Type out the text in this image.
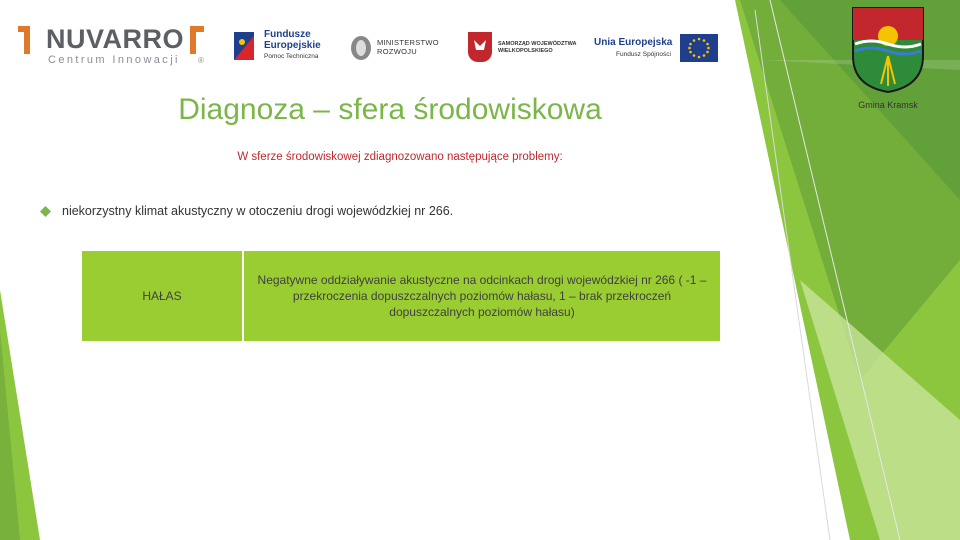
NUVARRO
Centrum Innowacji ®
Fundusze
Europejskie
Pomoc Techniczna
MINISTERSTWO
ROZWOJU
SAMORZĄD WOJEWÓDZTWA
WIELKOPOLSKIEGO
Unia Europejska
Fundusz Spójności
Gmina Kramsk
Diagnoza – sfera środowiskowa
W sferze środowiskowej zdiagnozowano następujące problemy:
niekorzystny klimat akustyczny w otoczeniu drogi wojewódzkiej nr 266.
HAŁAS
Negatywne oddziaływanie akustyczne na odcinkach drogi wojewódzkiej nr 266 ( -1 – przekroczenia dopuszczalnych poziomów hałasu, 1 – brak przekroczeń dopuszczalnych poziomów hałasu)
